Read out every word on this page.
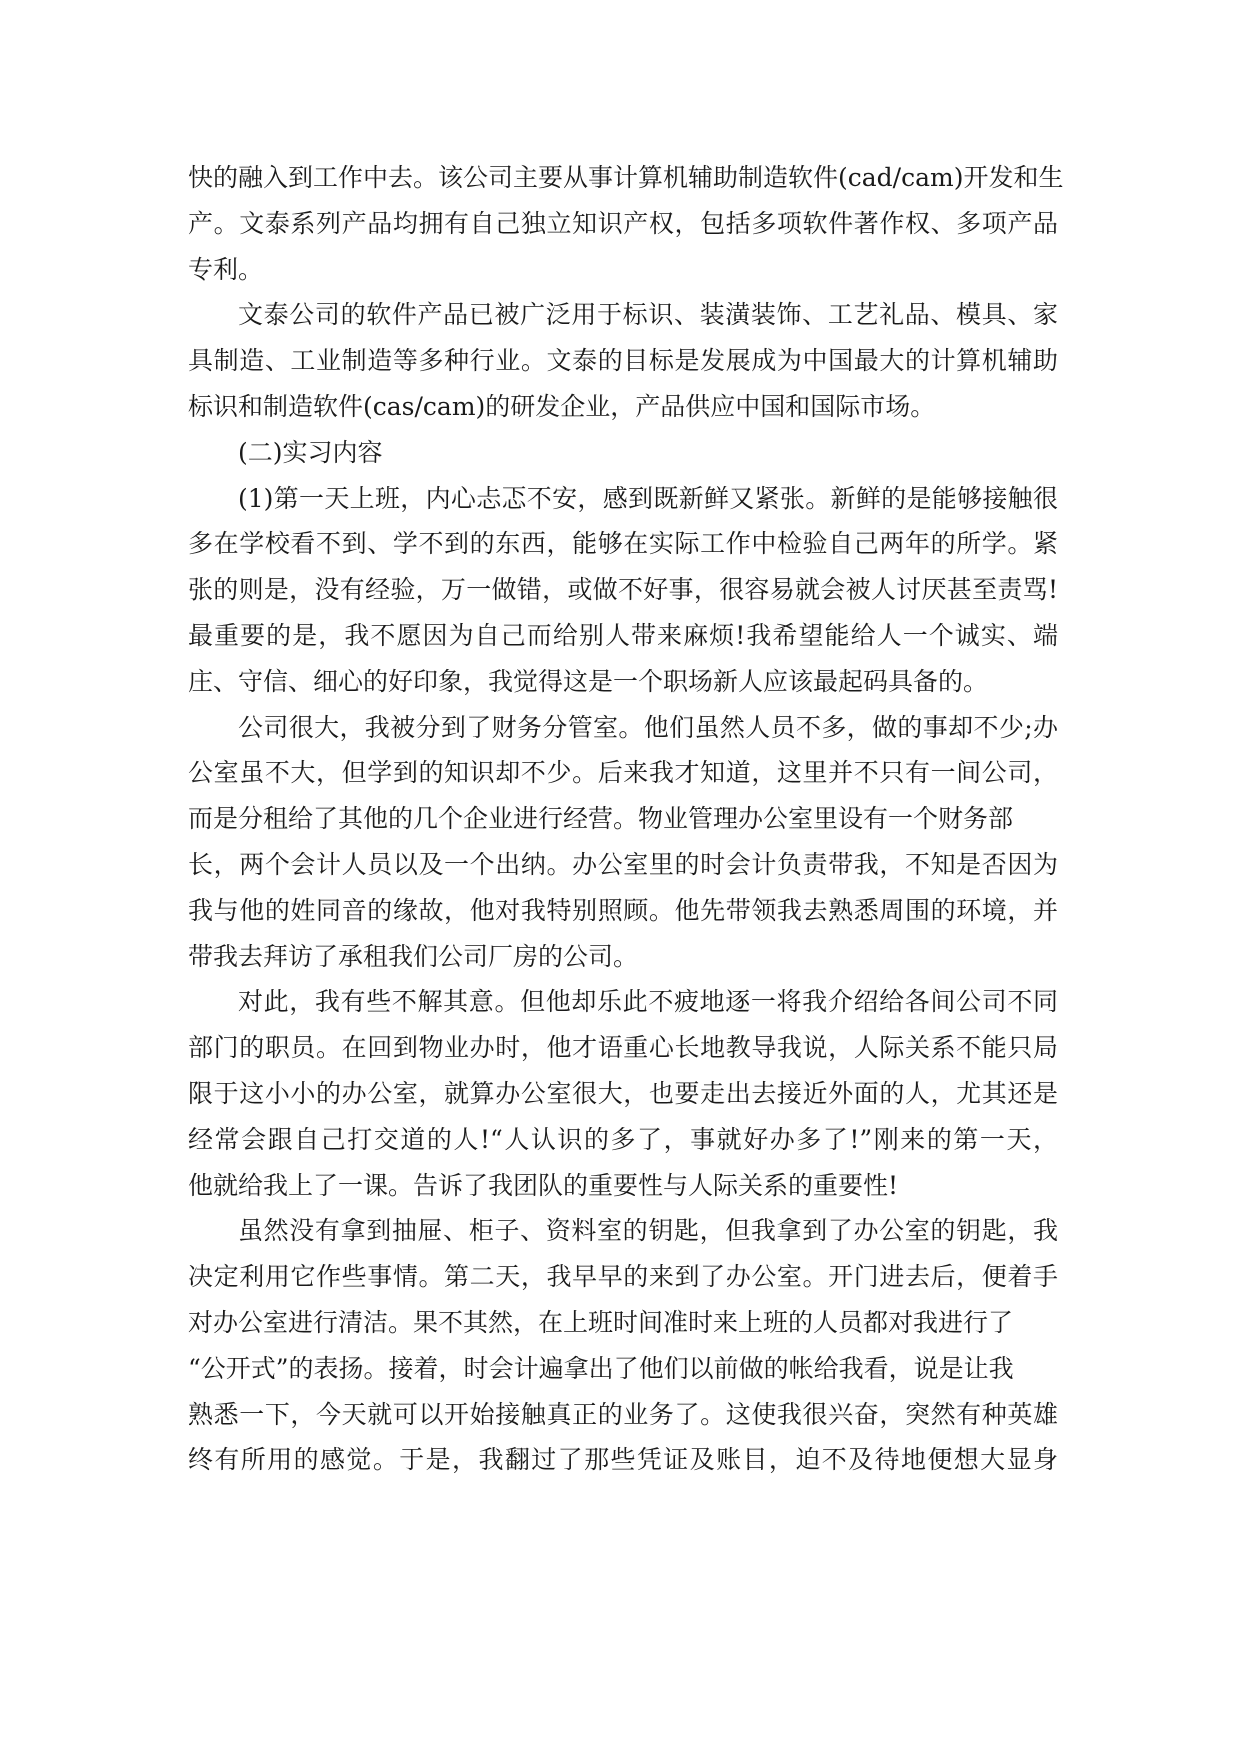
快的融入到工作中去。该公司主要从事计算机辅助制造软件(cad/cam)开发和生
产。文泰系列产品均拥有自己独立知识产权，包括多项软件著作权、多项产品
专利。
文泰公司的软件产品已被广泛用于标识、装潢装饰、工艺礼品、模具、家
具制造、工业制造等多种行业。文泰的目标是发展成为中国最大的计算机辅助
标识和制造软件(cas/cam)的研发企业，产品供应中国和国际市场。
(二)实习内容
(1)第一天上班，内心忐忑不安，感到既新鲜又紧张。新鲜的是能够接触很
多在学校看不到、学不到的东西，能够在实际工作中检验自己两年的所学。紧
张的则是，没有经验，万一做错，或做不好事，很容易就会被人讨厌甚至责骂!
最重要的是，我不愿因为自己而给别人带来麻烦!我希望能给人一个诚实、端
庄、守信、细心的好印象，我觉得这是一个职场新人应该最起码具备的。
公司很大，我被分到了财务分管室。他们虽然人员不多，做的事却不少;办
公室虽不大，但学到的知识却不少。后来我才知道，这里并不只有一间公司，
而是分租给了其他的几个企业进行经营。物业管理办公室里设有一个财务部
长，两个会计人员以及一个出纳。办公室里的时会计负责带我，不知是否因为
我与他的姓同音的缘故，他对我特别照顾。他先带领我去熟悉周围的环境，并
带我去拜访了承租我们公司厂房的公司。
对此，我有些不解其意。但他却乐此不疲地逐一将我介绍给各间公司不同
部门的职员。在回到物业办时，他才语重心长地教导我说，人际关系不能只局
限于这小小的办公室，就算办公室很大，也要走出去接近外面的人，尤其还是
经常会跟自己打交道的人!“人认识的多了，事就好办多了!”刚来的第一天，
他就给我上了一课。告诉了我团队的重要性与人际关系的重要性!
虽然没有拿到抽屉、柜子、资料室的钥匙，但我拿到了办公室的钥匙，我
决定利用它作些事情。第二天，我早早的来到了办公室。开门进去后，便着手
对办公室进行清洁。果不其然，在上班时间准时来上班的人员都对我进行了
“公开式”的表扬。接着，时会计遍拿出了他们以前做的帐给我看，说是让我
熟悉一下，今天就可以开始接触真正的业务了。这使我很兴奋，突然有种英雄
终有所用的感觉。于是，我翻过了那些凭证及账目，迫不及待地便想大显身
